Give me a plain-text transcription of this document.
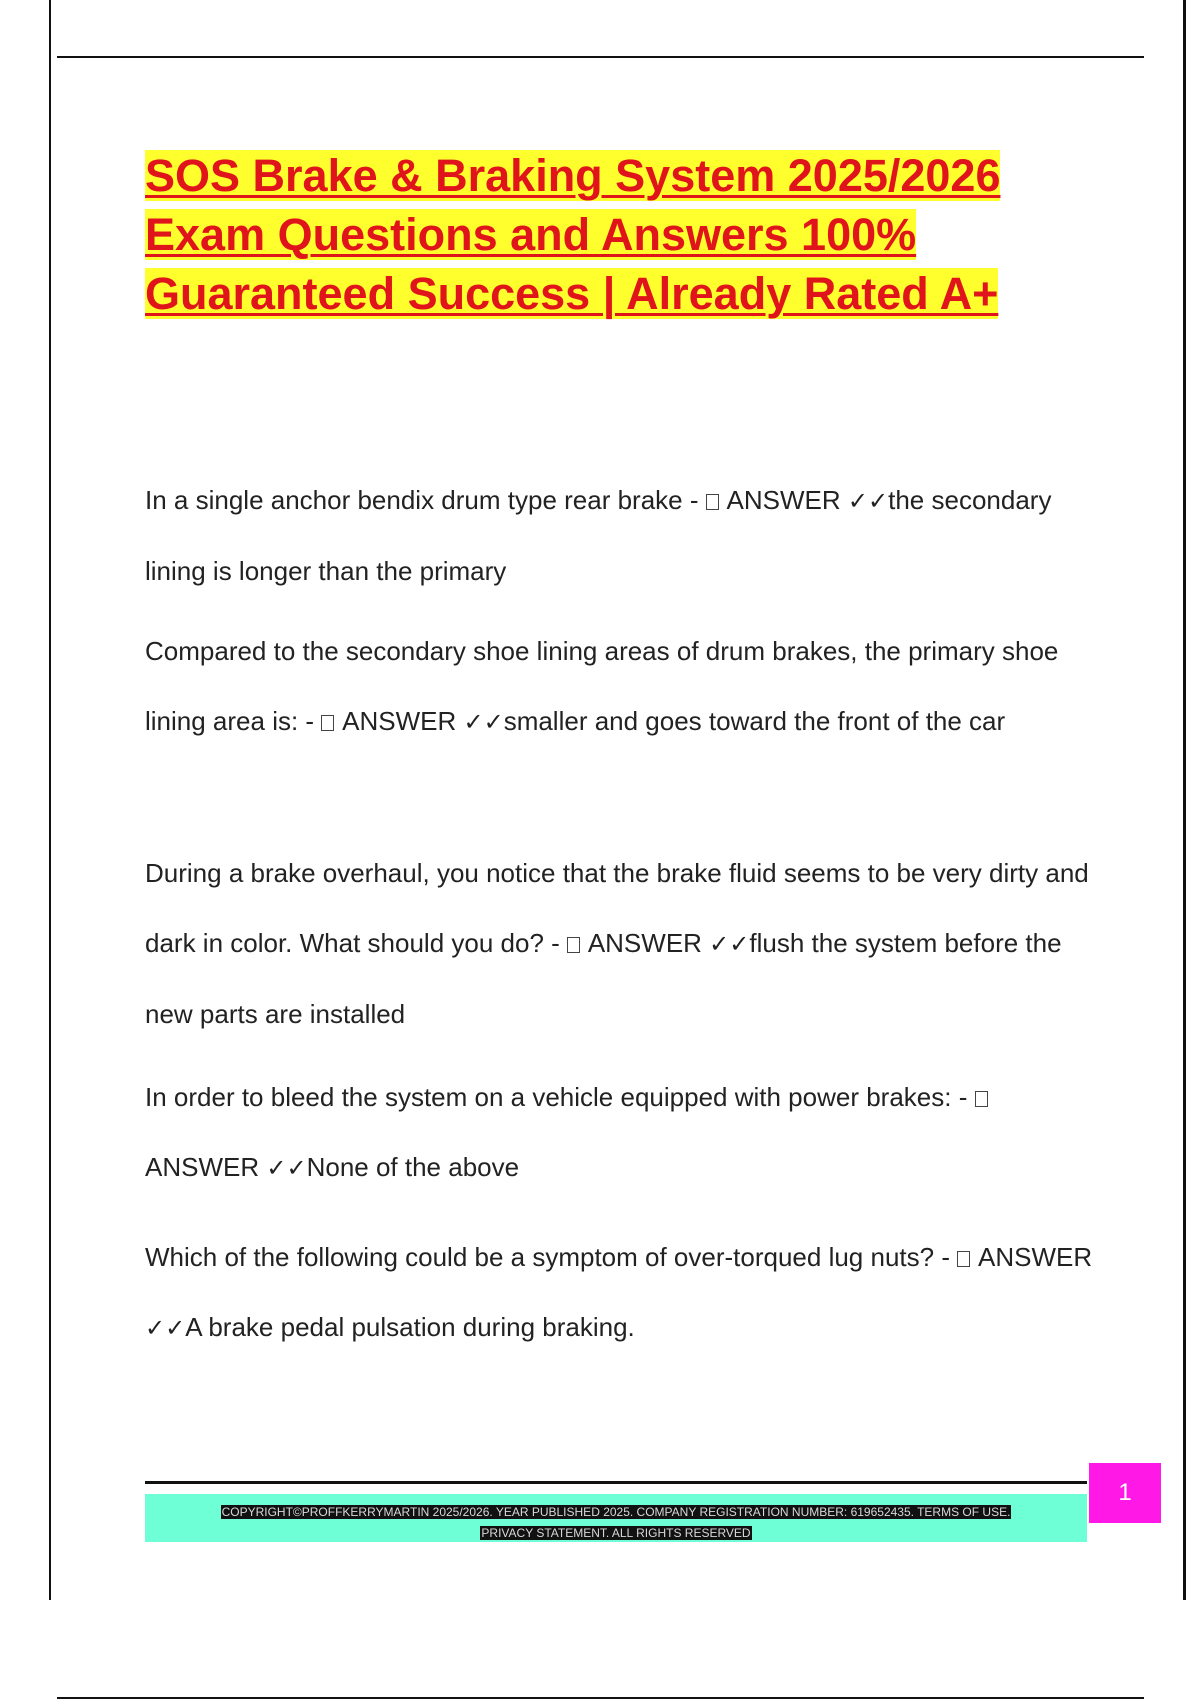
SOS Brake & Braking System 2025/2026
Exam Questions and Answers 100%
Guaranteed Success | Already Rated A+
In a single anchor bendix drum type rear brake - ANSWER ✓✓the secondary lining is longer than the primary
Compared to the secondary shoe lining areas of drum brakes, the primary shoe lining area is: - ANSWER ✓✓smaller and goes toward the front of the car
During a brake overhaul, you notice that the brake fluid seems to be very dirty and dark in color. What should you do? - ANSWER ✓✓flush the system before the new parts are installed
In order to bleed the system on a vehicle equipped with power brakes: -  ANSWER ✓✓None of the above
Which of the following could be a symptom of over-torqued lug nuts? - ANSWER ✓✓A brake pedal pulsation during braking.
COPYRIGHT©PROFFKERRYMARTIN 2025/2026. YEAR PUBLISHED 2025. COMPANY REGISTRATION NUMBER: 619652435. TERMS OF USE.
PRIVACY STATEMENT. ALL RIGHTS RESERVED
1
